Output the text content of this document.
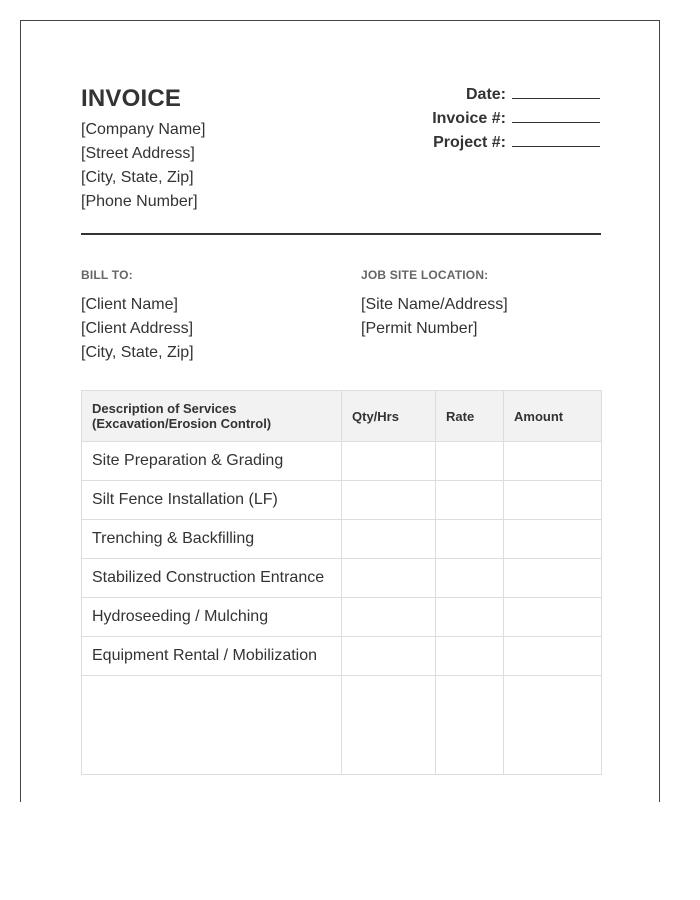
INVOICE
[Company Name]
[Street Address]
[City, State, Zip]
[Phone Number]
Date:
Invoice #:
Project #:
BILL TO:
[Client Name]
[Client Address]
[City, State, Zip]
JOB SITE LOCATION:
[Site Name/Address]
[Permit Number]
Description of Services
(Excavation/Erosion Control)	Qty/Hrs	Rate	Amount
Site Preparation & Grading			
Silt Fence Installation (LF)			
Trenching & Backfilling			
Stabilized Construction Entrance			
Hydroseeding / Mulching			
Equipment Rental / Mobilization			
